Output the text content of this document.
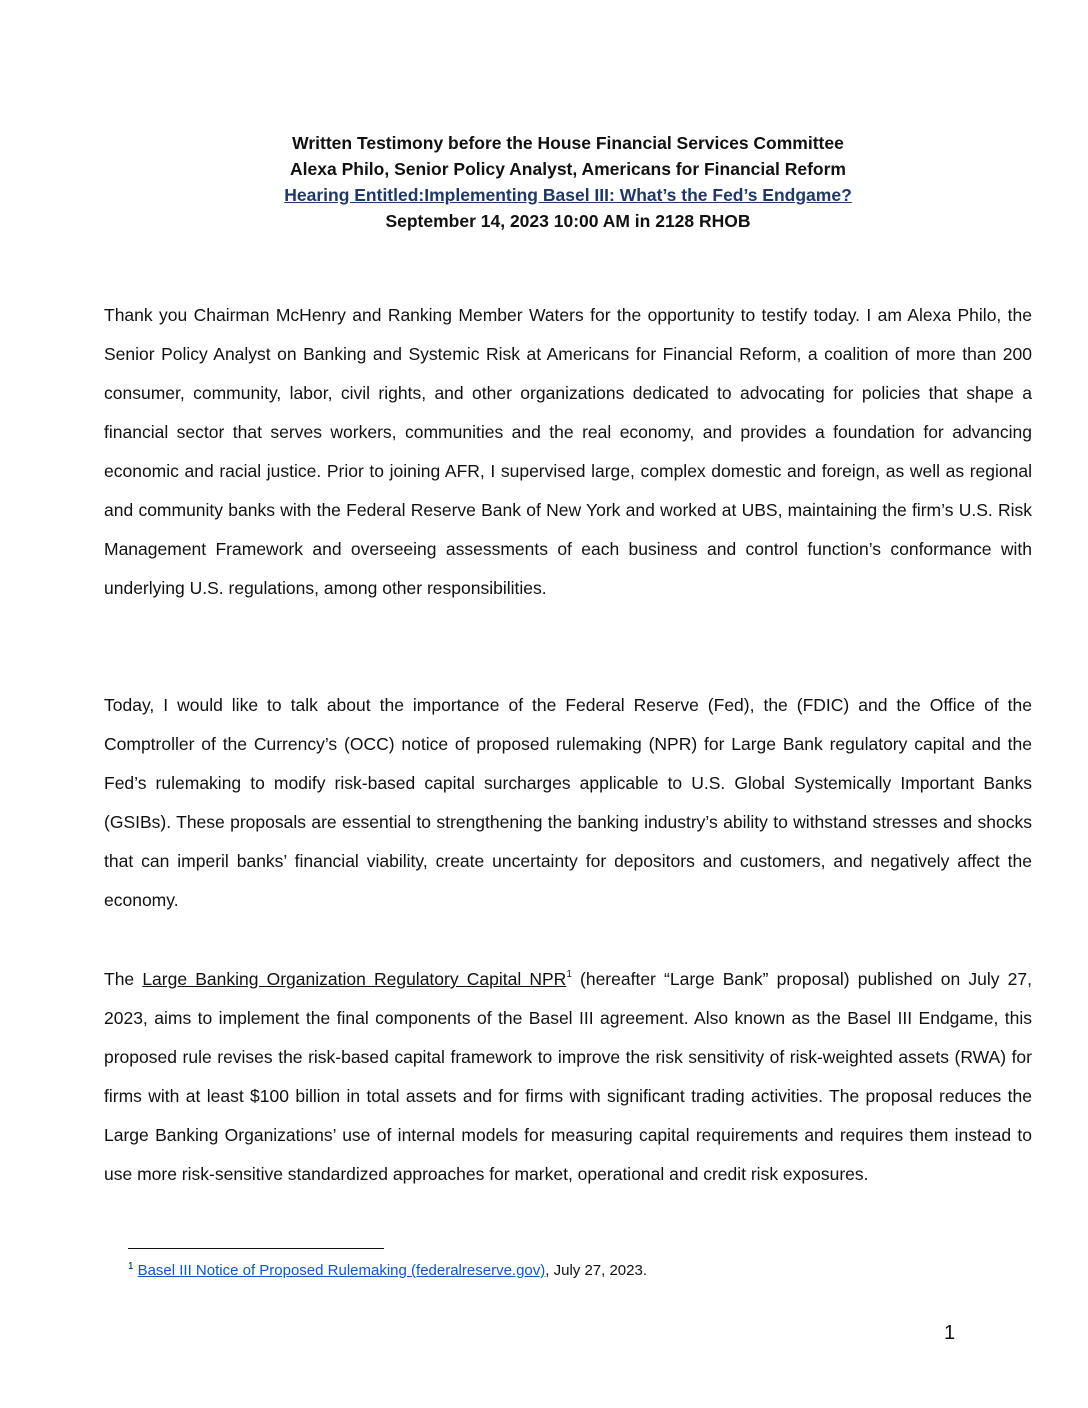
Written Testimony before the House Financial Services Committee
Alexa Philo, Senior Policy Analyst, Americans for Financial Reform
Hearing Entitled:Implementing Basel III: What’s the Fed’s Endgame?
September 14, 2023 10:00 AM in 2128 RHOB

Thank you Chairman McHenry and Ranking Member Waters for the opportunity to testify today. I am Alexa Philo, the Senior Policy Analyst on Banking and Systemic Risk at Americans for Financial Reform, a coalition of more than 200 consumer, community, labor, civil rights, and other organizations dedicated to advocating for policies that shape a financial sector that serves workers, communities and the real economy, and provides a foundation for advancing economic and racial justice. Prior to joining AFR, I supervised large, complex domestic and foreign, as well as regional and community banks with the Federal Reserve Bank of New York and worked at UBS, maintaining the firm’s U.S. Risk Management Framework and overseeing assessments of each business and control function’s conformance with underlying U.S. regulations, among other responsibilities.

Today, I would like to talk about the importance of the Federal Reserve (Fed), the (FDIC) and the Office of the Comptroller of the Currency’s (OCC) notice of proposed rulemaking (NPR) for Large Bank regulatory capital and the Fed’s rulemaking to modify risk-based capital surcharges applicable to U.S. Global Systemically Important Banks (GSIBs). These proposals are essential to strengthening the banking industry’s ability to withstand stresses and shocks that can imperil banks’ financial viability, create uncertainty for depositors and customers, and negatively affect the economy.

The Large Banking Organization Regulatory Capital NPR$^1$ (hereafter “Large Bank” proposal) published on July 27, 2023, aims to implement the final components of the Basel III agreement. Also known as the Basel III Endgame, this proposed rule revises the risk-based capital framework to improve the risk sensitivity of risk-weighted assets (RWA) for firms with at least $100 billion in total assets and for firms with significant trading activities. The proposal reduces the Large Banking Organizations’ use of internal models for measuring capital requirements and requires them instead to use more risk-sensitive standardized approaches for market, operational and credit risk exposures.

$^1$ Basel III Notice of Proposed Rulemaking (federalreserve.gov), July 27, 2023.
1
